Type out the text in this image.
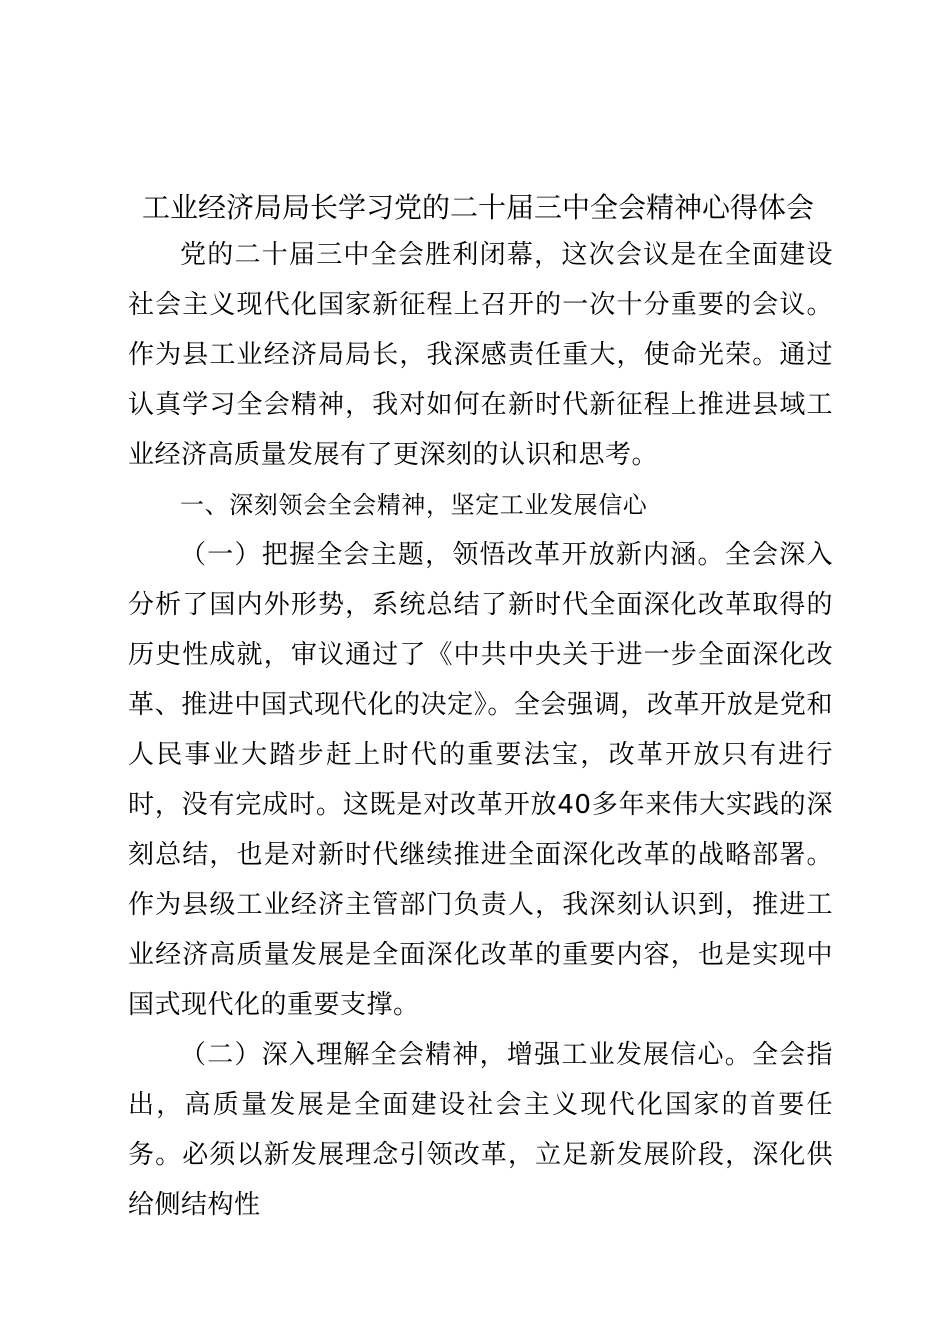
工业经济局局长学习党的二十届三中全会精神心得体会

党的二十届三中全会胜利闭幕，这次会议是在全面建设社会主义现代化国家新征程上召开的一次十分重要的会议。作为县工业经济局局长，我深感责任重大，使命光荣。通过认真学习全会精神，我对如何在新时代新征程上推进县域工业经济高质量发展有了更深刻的认识和思考。

一、深刻领会全会精神，坚定工业发展信心

（一）把握全会主题，领悟改革开放新内涵。全会深入分析了国内外形势，系统总结了新时代全面深化改革取得的历史性成就，审议通过了《中共中央关于进一步全面深化改革、推进中国式现代化的决定》。全会强调，改革开放是党和人民事业大踏步赶上时代的重要法宝，改革开放只有进行时，没有完成时。这既是对改革开放40多年来伟大实践的深刻总结，也是对新时代继续推进全面深化改革的战略部署。作为县级工业经济主管部门负责人，我深刻认识到，推进工业经济高质量发展是全面深化改革的重要内容，也是实现中国式现代化的重要支撑。

（二）深入理解全会精神，增强工业发展信心。全会指出，高质量发展是全面建设社会主义现代化国家的首要任务。必须以新发展理念引领改革，立足新发展阶段，深化供给侧结构性
